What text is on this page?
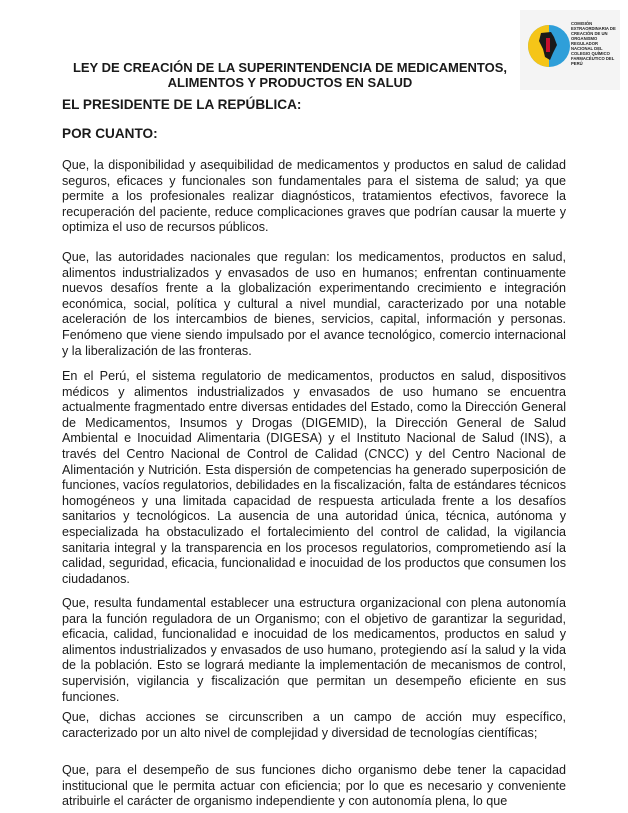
COMISIÓN EXTRAORDINARIA DE CREACIÓN DE UN ORGANISMO REGULADOR NACIONAL DEL COLEGIO QUÍMICO FARMACÉUTICO DEL PERÚ
LEY DE CREACIÓN DE LA SUPERINTENDENCIA DE MEDICAMENTOS,
ALIMENTOS Y PRODUCTOS EN SALUD
EL PRESIDENTE DE LA REPÚBLICA:
POR CUANTO:
Que, la disponibilidad y asequibilidad de medicamentos y productos en salud de calidad seguros, eficaces y funcionales son fundamentales para el sistema de salud; ya que permite a los profesionales realizar diagnósticos, tratamientos efectivos, favorece la recuperación del paciente, reduce complicaciones graves que podrían causar la muerte y optimiza el uso de recursos públicos.
Que, las autoridades nacionales que regulan: los medicamentos, productos en salud, alimentos industrializados y envasados de uso en humanos; enfrentan continuamente nuevos desafíos frente a la globalización experimentando crecimiento e integración económica, social, política y cultural a nivel mundial, caracterizado por una notable aceleración de los intercambios de bienes, servicios, capital, información y personas. Fenómeno que viene siendo impulsado por el avance tecnológico, comercio internacional y la liberalización de las fronteras.
En el Perú, el sistema regulatorio de medicamentos, productos en salud, dispositivos médicos y alimentos industrializados y envasados de uso humano se encuentra actualmente fragmentado entre diversas entidades del Estado, como la Dirección General de Medicamentos, Insumos y Drogas (DIGEMID), la Dirección General de Salud Ambiental e Inocuidad Alimentaria (DIGESA) y el Instituto Nacional de Salud (INS), a través del Centro Nacional de Control de Calidad (CNCC) y del Centro Nacional de Alimentación y Nutrición. Esta dispersión de competencias ha generado superposición de funciones, vacíos regulatorios, debilidades en la fiscalización, falta de estándares técnicos homogéneos y una limitada capacidad de respuesta articulada frente a los desafíos sanitarios y tecnológicos. La ausencia de una autoridad única, técnica, autónoma y especializada ha obstaculizado el fortalecimiento del control de calidad, la vigilancia sanitaria integral y la transparencia en los procesos regulatorios, comprometiendo así la calidad, seguridad, eficacia, funcionalidad e inocuidad de los productos que consumen los ciudadanos.
Que, resulta fundamental establecer una estructura organizacional con plena autonomía para la función reguladora de un Organismo; con el objetivo de garantizar la seguridad, eficacia, calidad, funcionalidad e inocuidad de los medicamentos, productos en salud y alimentos industrializados y envasados de uso humano, protegiendo así la salud y la vida de la población. Esto se logrará mediante la implementación de mecanismos de control, supervisión, vigilancia y fiscalización que permitan un desempeño eficiente en sus funciones.
Que, dichas acciones se circunscriben a un campo de acción muy específico, caracterizado por un alto nivel de complejidad y diversidad de tecnologías científicas;
Que, para el desempeño de sus funciones dicho organismo debe tener la capacidad institucional que le permita actuar con eficiencia; por lo que es necesario y conveniente atribuirle el carácter de organismo independiente y con autonomía plena, lo que
